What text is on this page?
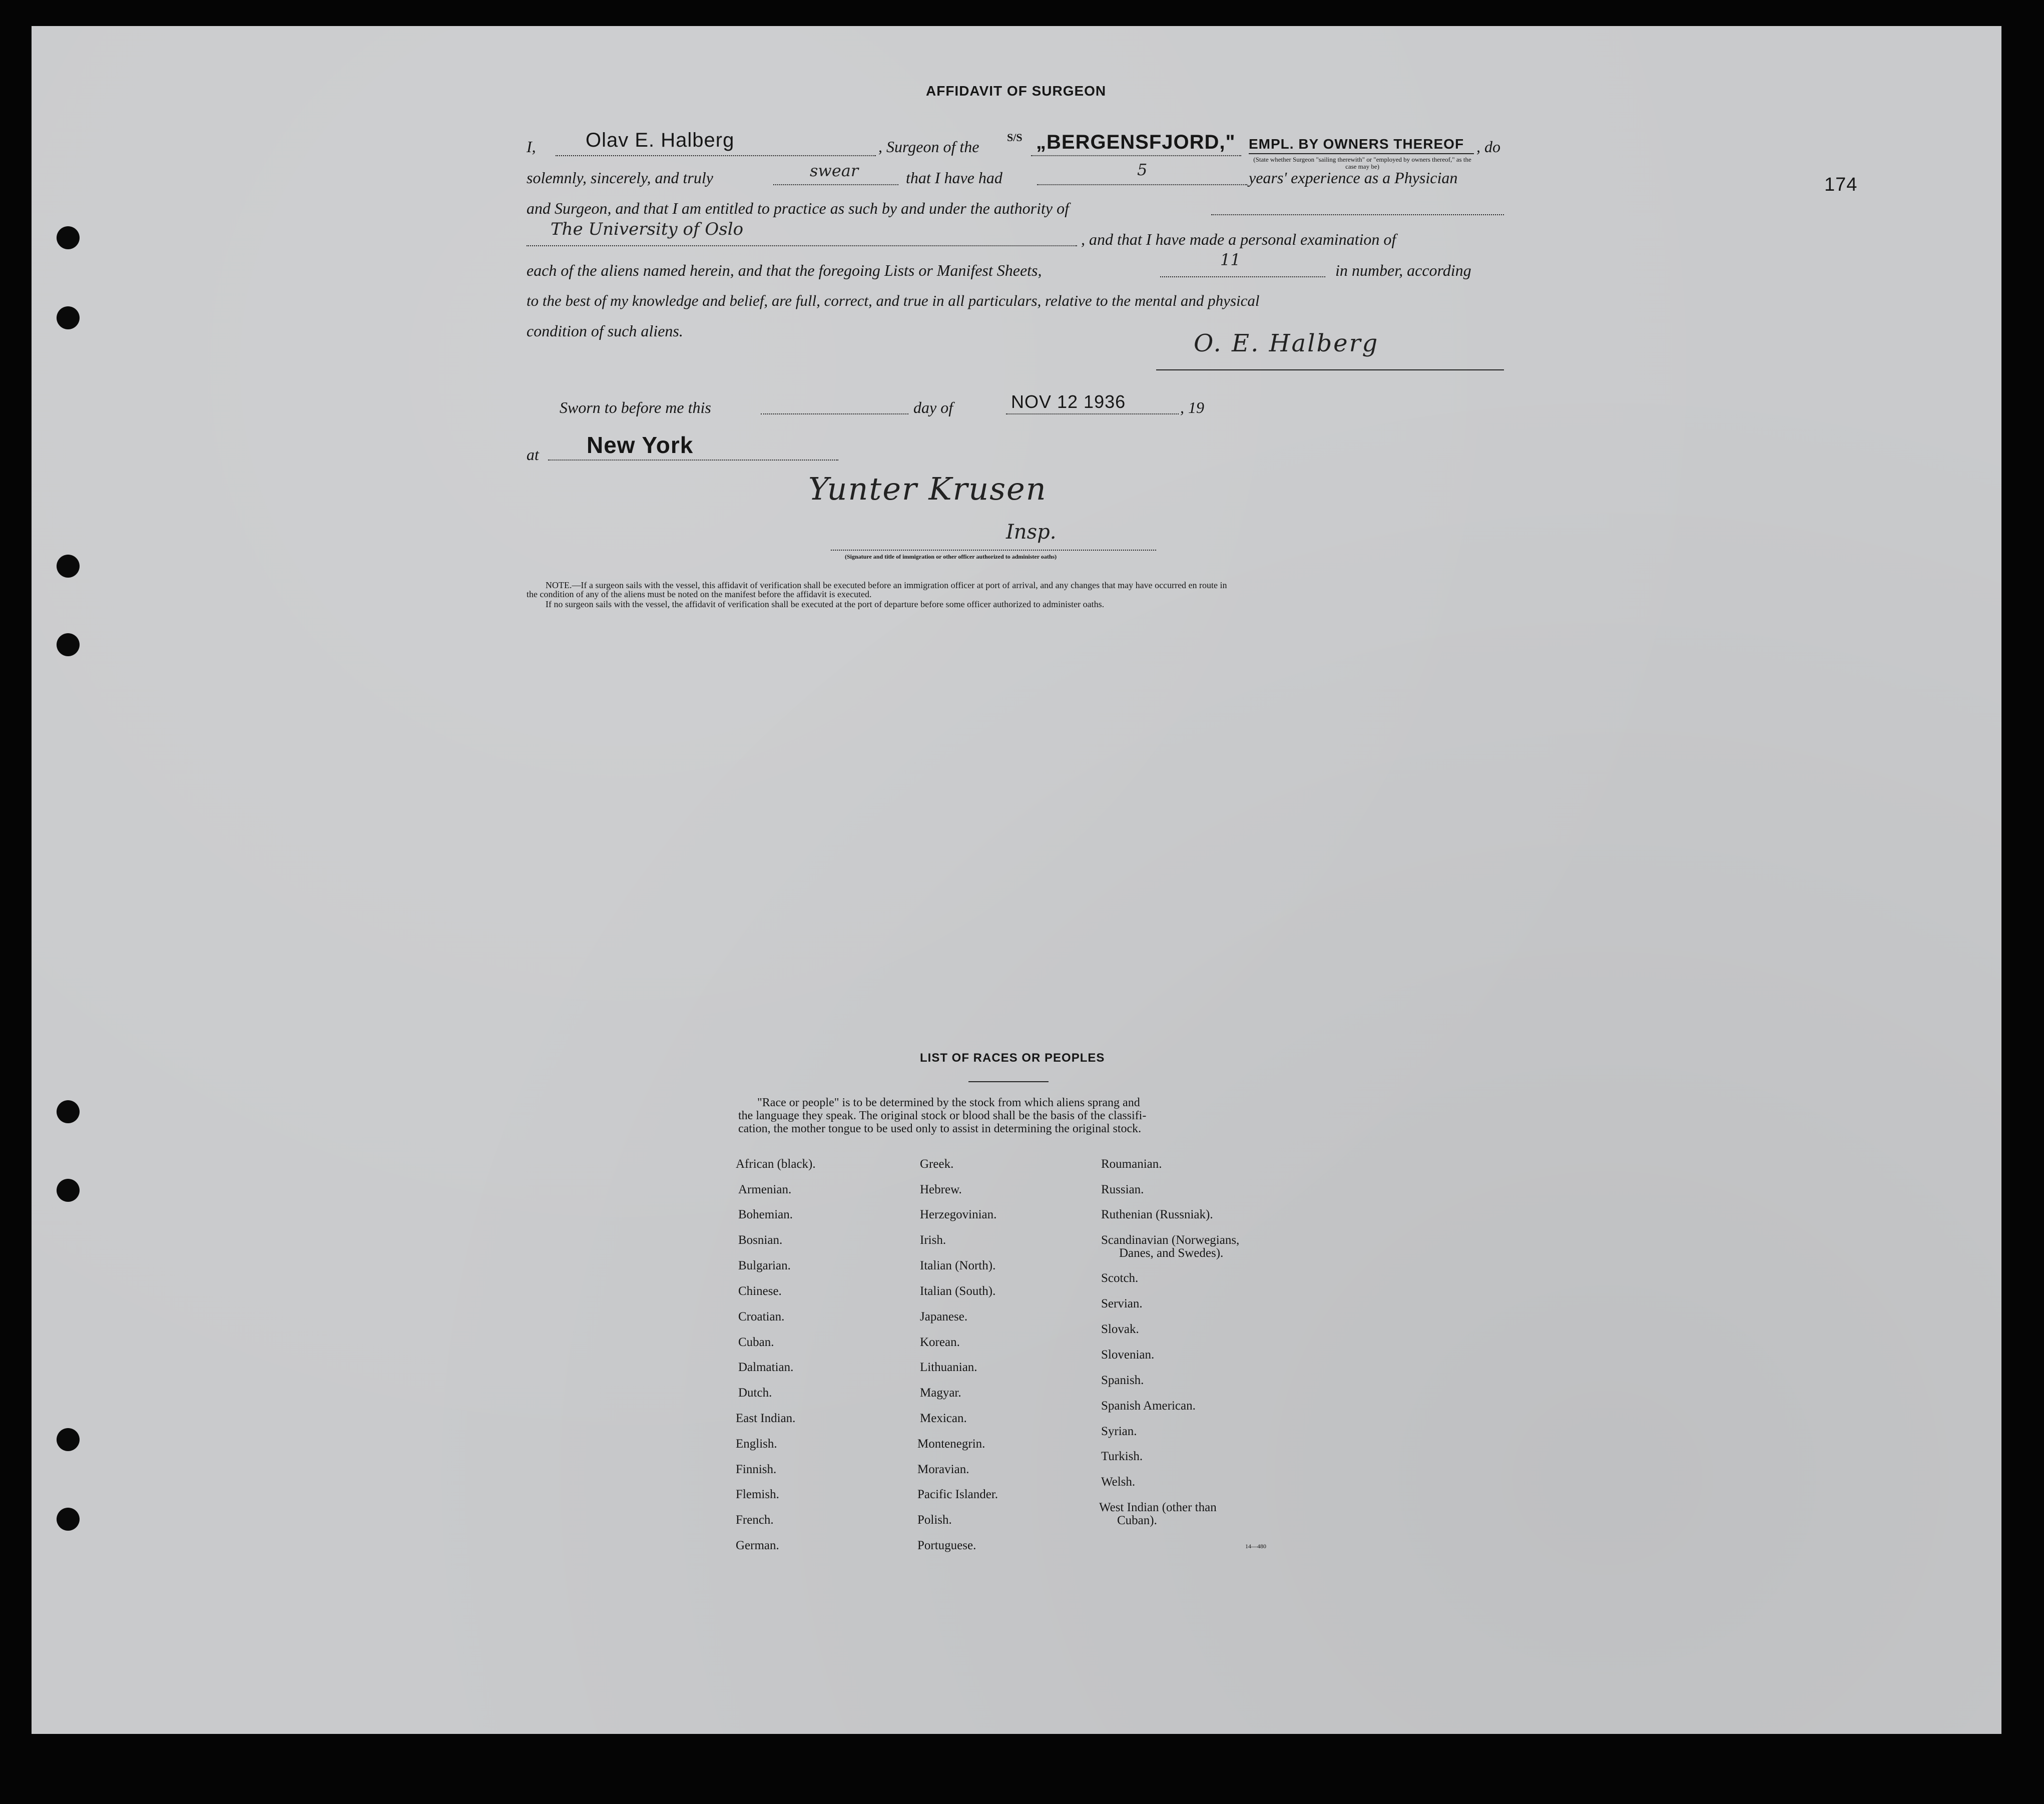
174
AFFIDAVIT OF SURGEON
I, Olav E. Halberg	, Surgeon of the
S/S „BERGENSFJORD," EMPL. BY OWNERS THEREOF , do
(State whether Surgeon "sailing therewith" or "employed by owners thereof," as the case may be)
solemnly, sincerely, and truly	swear	that I have had	5	years' experience as a Physician
and Surgeon, and that I am entitled to practice as such by and under the authority of
The University of Oslo	, and that I have made a personal examination of
each of the aliens named herein, and that the foregoing Lists or Manifest Sheets,
11
in number, according
to the best of my knowledge and belief, are full, correct, and true in all particulars, relative to the mental and physical
condition of such aliens.	O. E. Halberg
Sworn to before me this	day of	NOV 12 1936	, 19
at New York
Yunter Krusen
Insp.
(Signature and title of immigration or other officer authorized to administer oaths)
NOTE.—If a surgeon sails with the vessel, this affidavit of verification shall be executed before an immigration officer at port of arrival, and any changes that may have occurred en route in
the condition of any of the aliens must be noted on the manifest before the affidavit is executed.
If no surgeon sails with the vessel, the affidavit of verification shall be executed at the port of departure before some officer authorized to administer oaths.
LIST OF RACES OR PEOPLES
"Race or people" is to be determined by the stock from which aliens sprang and
the language they speak. The original stock or blood shall be the basis of the classifi-
cation, the mother tongue to be used only to assist in determining the original stock.
African (black).
Armenian.
Bohemian.
Bosnian.
Bulgarian.
Chinese.
Croatian.
Cuban.
Dalmatian.
Dutch.
East Indian.
English.
Finnish.
Flemish.
French.
German.
Greek.
Hebrew.
Herzegovinian.
Irish.
Italian (North).
Italian (South).
Japanese.
Korean.
Lithuanian.
Magyar.
Mexican.
Montenegrin.
Moravian.
Pacific Islander.
Polish.
Portuguese.
Roumanian.
Russian.
Ruthenian (Russniak).
Scandinavian (Norwegians,
Danes, and Swedes).
Scotch.
Servian.
Slovak.
Slovenian.
Spanish.
Spanish American.
Syrian.
Turkish.
Welsh.
West Indian (other than
Cuban).
14—480
